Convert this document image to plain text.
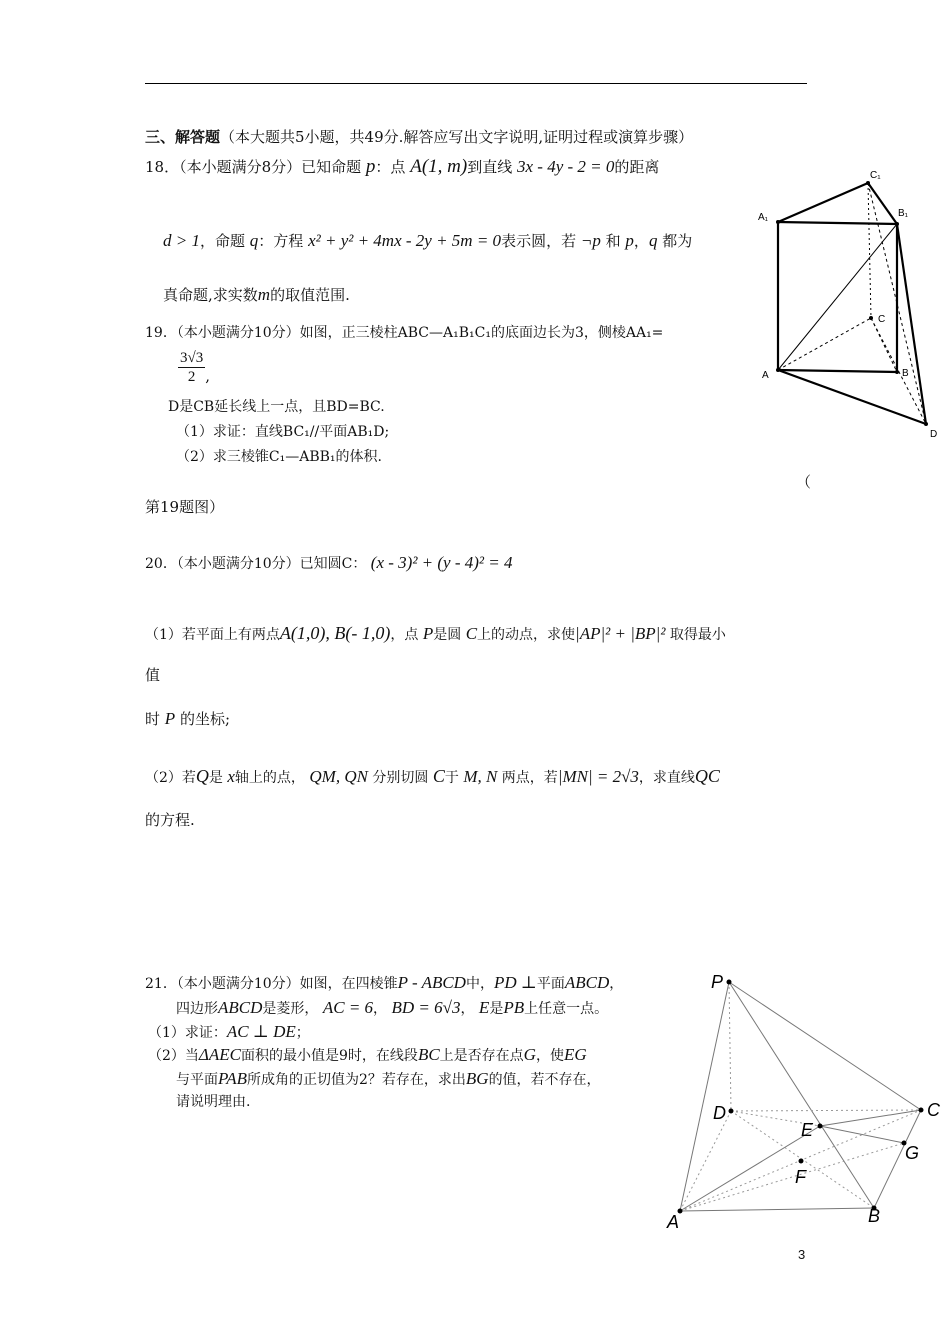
三、解答题（本大题共5小题，共49分.解答应写出文字说明,证明过程或演算步骤）
18．（本小题满分8分）已知命题 p：点 A(1, m)到直线 3x - 4y - 2 = 0的距离
d > 1，命题 q：方程 x² + y² + 4mx - 2y + 5m = 0表示圆，若 ¬p 和 p，q 都为
真命题,求实数m的取值范围.
19．（本小题满分10分）如图，正三棱柱ABC—A₁B₁C₁的底面边长为3，侧棱AA₁=
$\frac{3√3}{2}$ ,
D是CB延长线上一点，且BD=BC.
（1）求证：直线BC₁//平面AB₁D;
（2）求三棱锥C₁—ABB₁的体积.
（
第19题图）
C₁
A₁	B₁
C
A	B
D
20．（本小题满分10分）已知圆C： (x - 3)² + (y - 4)² = 4
（1）若平面上有两点A(1,0), B(- 1,0)，点 P是圆 C上的动点，求使|AP|² + |BP|² 取得最小
值
时 P 的坐标;
（2）若Q是 x轴上的点， QM, QN 分别切圆 C于 M, N 两点，若|MN| = 2√3，求直线QC
的方程.
21．（本小题满分10分）如图，在四棱锥P - ABCD中，PD ⊥平面ABCD，
四边形ABCD是菱形， AC = 6， BD = 6√3， E是PB上任意一点。
（1）求证：AC ⊥ DE；
（2）当ΔAEC面积的最小值是9时，在线段BC上是否存在点G，使EG
与平面PAB所成角的正切值为2？若存在，求出BG的值，若不存在，
请说明理由.
P
D	C
E
G
F
A	B
3
